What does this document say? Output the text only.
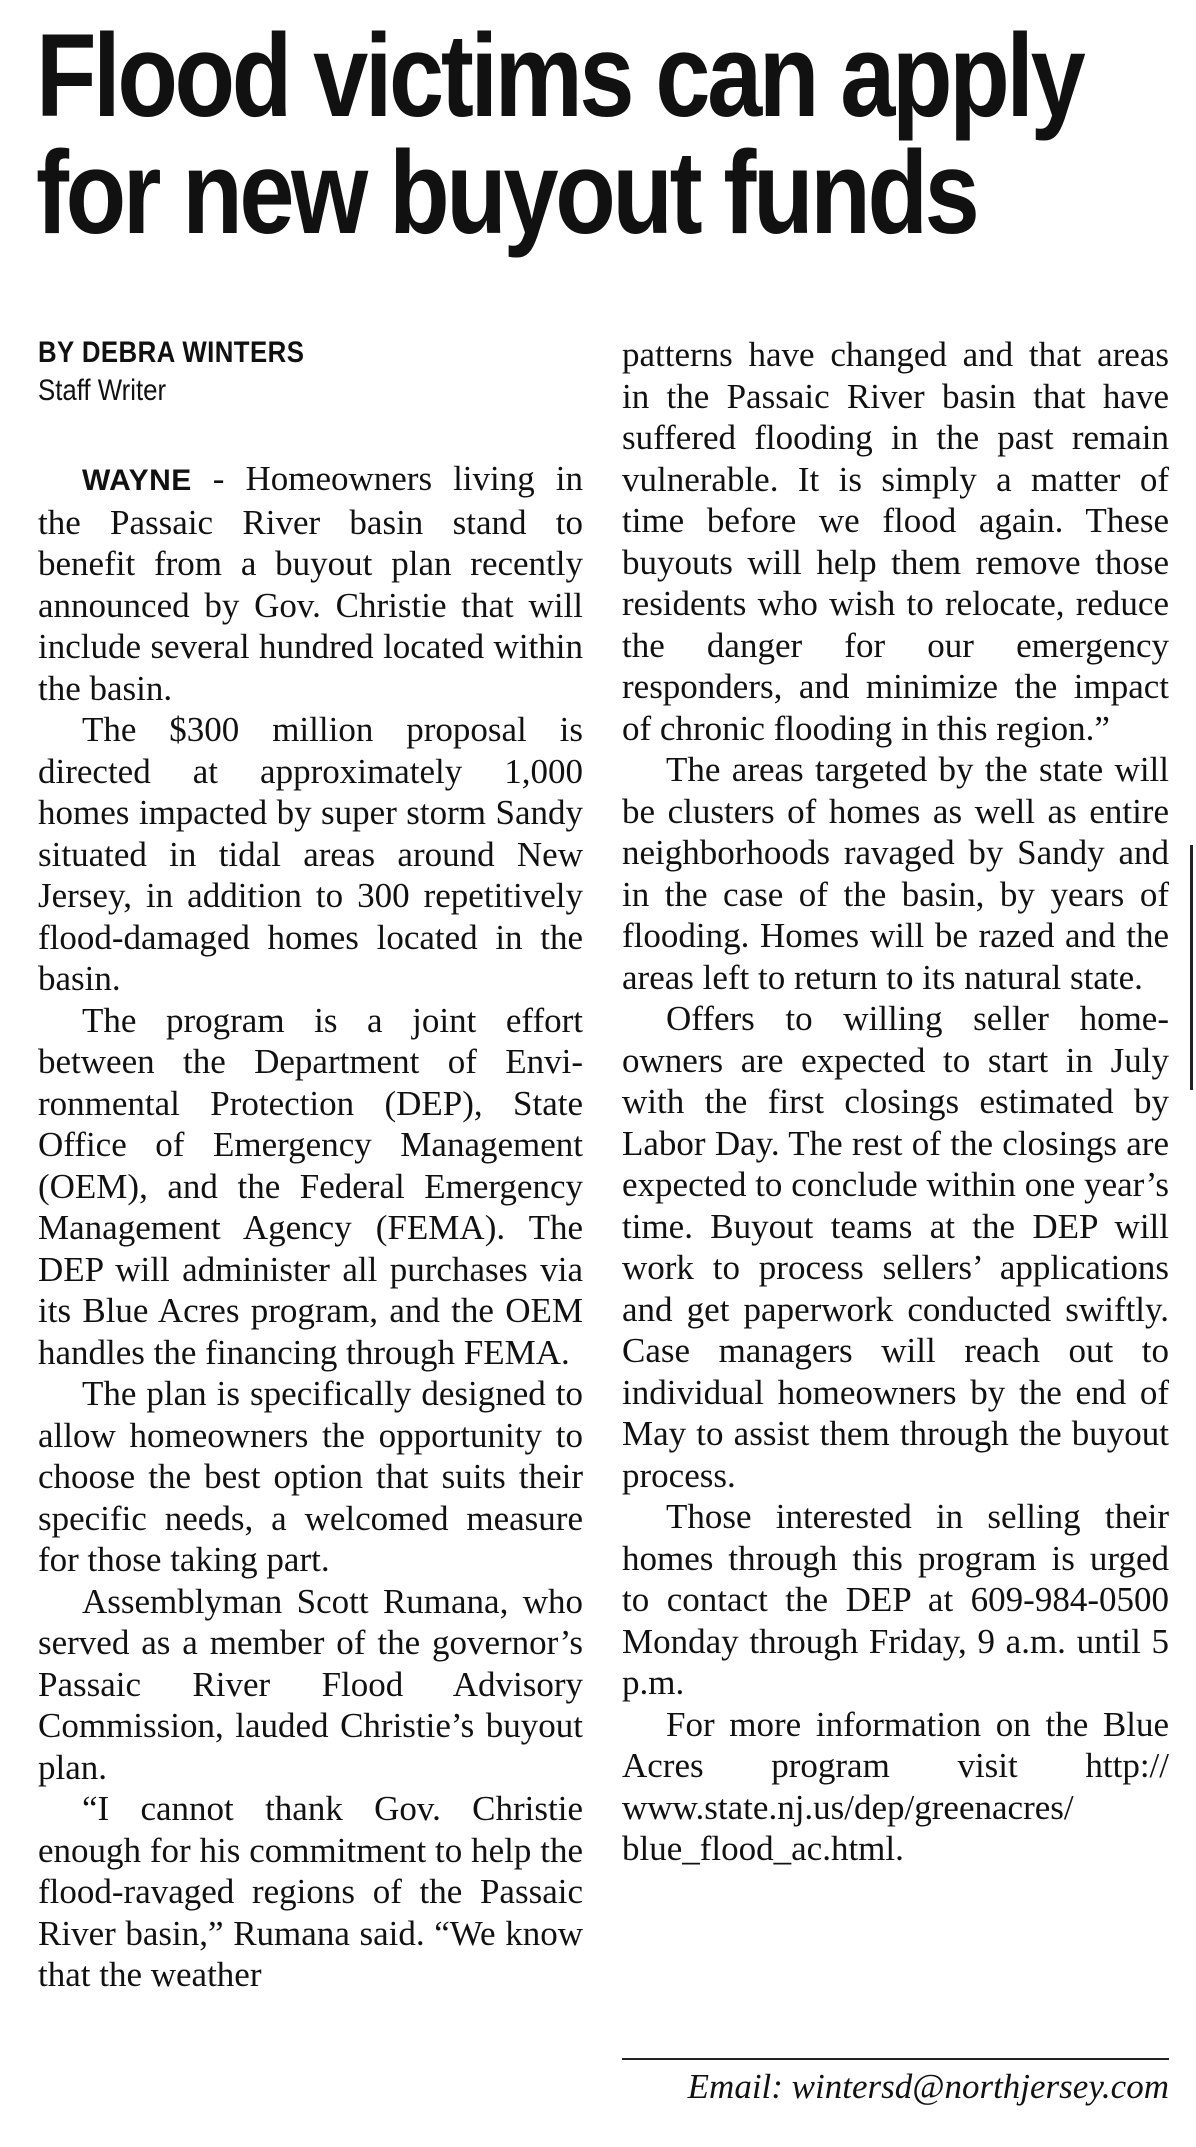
Flood victims can apply
for new buyout funds
BY DEBRA WINTERS
Staff Writer

WAYNE - Homeowners living in the Passaic River basin stand to benefit from a buyout plan recently announced by Gov. Christie that will include several hundred located within the basin.

The $300 million proposal is directed at approximately 1,000 homes impacted by super storm Sandy situated in tidal areas around New Jersey, in addition to 300 repetitively flood-damaged homes located in the basin.

The program is a joint effort between the Department of Environmental Protection (DEP), State Office of Emergency Management (OEM), and the Federal Emergency Management Agency (FEMA). The DEP will administer all purchases via its Blue Acres program, and the OEM handles the financing through FEMA.

The plan is specifically designed to allow homeowners the opportunity to choose the best option that suits their specific needs, a welcomed measure for those taking part.

Assemblyman Scott Rumana, who served as a member of the governor’s Passaic River Flood Advisory Commission, lauded Christie’s buyout plan.

“I cannot thank Gov. Christie enough for his commitment to help the flood-ravaged regions of the Passaic River basin,” Rumana said. “We know that the weather

patterns have changed and that areas in the Passaic River basin that have suffered flooding in the past remain vulnerable. It is simply a matter of time before we flood again. These buyouts will help them remove those residents who wish to relocate, reduce the danger for our emergency responders, and minimize the impact of chronic flooding in this region.”

The areas targeted by the state will be clusters of homes as well as entire neighborhoods ravaged by Sandy and in the case of the basin, by years of flooding. Homes will be razed and the areas left to return to its natural state.

Offers to willing seller homeowners are expected to start in July with the first closings estimated by Labor Day. The rest of the closings are expected to conclude within one year’s time. Buyout teams at the DEP will work to process sellers’ applications and get paperwork conducted swiftly. Case managers will reach out to individual homeowners by the end of May to assist them through the buyout process.

Those interested in selling their homes through this program is urged to contact the DEP at 609-984-0500 Monday through Friday, 9 a.m. until 5 p.m.

For more information on the Blue Acres program visit http:// www.state.nj.us/dep/greenacres/ blue_flood_ac.html.

Email: wintersd@northjersey.com
